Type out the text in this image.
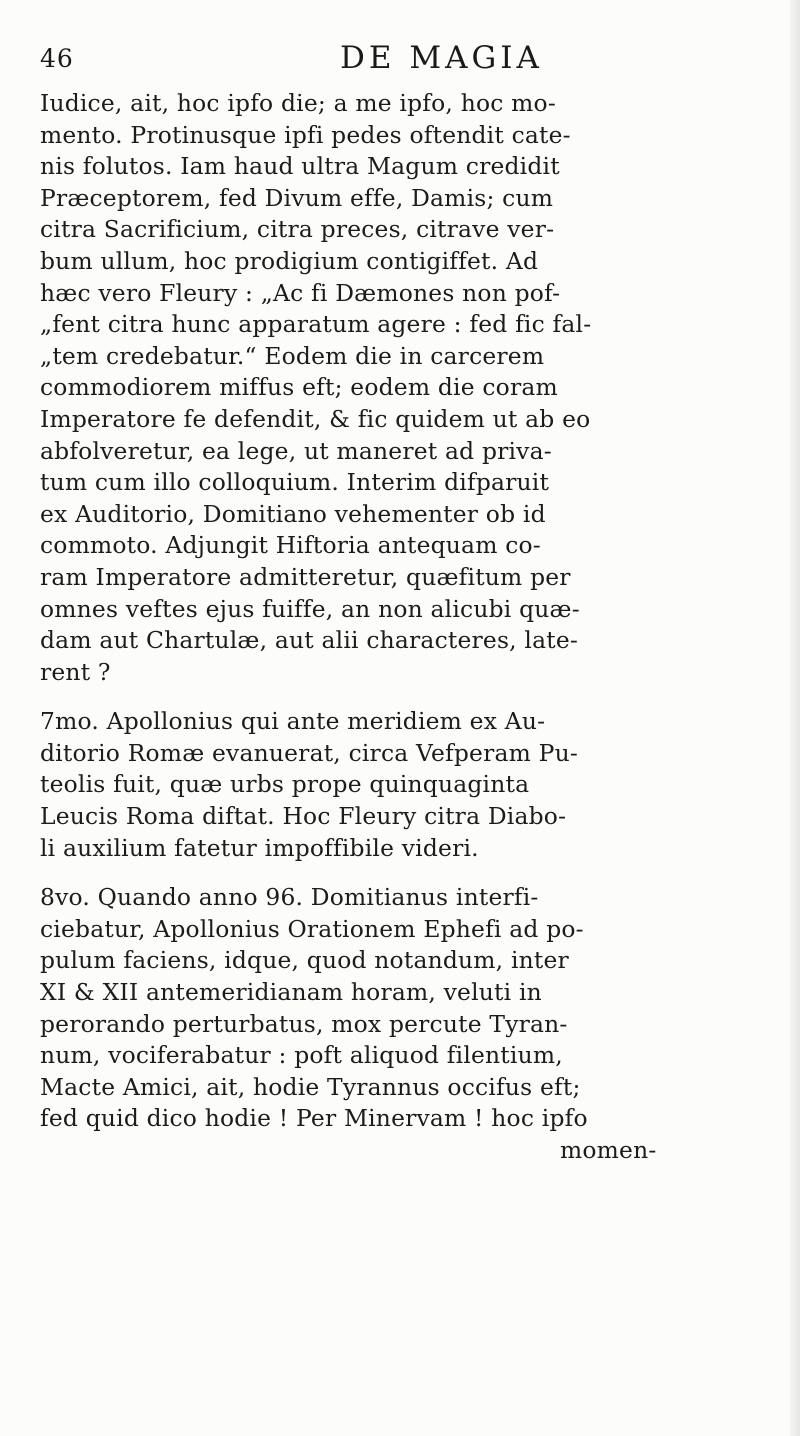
46	DE MAGIA
Iudice, ait, hoc ipfo die; a me ipfo, hoc mo-
mento. Protinusque ipfi pedes oftendit cate-
nis folutos. Iam haud ultra Magum credidit
Præceptorem, fed Divum effe, Damis; cum
citra Sacrificium, citra preces, citrave ver-
bum ullum, hoc prodigium contigiffet. Ad
hæc vero Fleury : „Ac fi Dæmones non pof-
„fent citra hunc apparatum agere : fed fic fal-
„tem credebatur.“ Eodem die in carcerem
commodiorem miffus eft; eodem die coram
Imperatore fe defendit, & fic quidem ut ab eo
abfolveretur, ea lege, ut maneret ad priva-
tum cum illo colloquium. Interim difparuit
ex Auditorio, Domitiano vehementer ob id
commoto. Adjungit Hiftoria antequam co-
ram Imperatore admitteretur, quæfitum per
omnes veftes ejus fuiffe, an non alicubi quæ-
dam aut Chartulæ, aut alii characteres, late-
rent ?
7mo. Apollonius qui ante meridiem ex Au-
ditorio Romæ evanuerat, circa Vefperam Pu-
teolis fuit, quæ urbs prope quinquaginta
Leucis Roma diftat. Hoc Fleury citra Diabo-
li auxilium fatetur impoffibile videri.
8vo. Quando anno 96. Domitianus interfi-
ciebatur, Apollonius Orationem Ephefi ad po-
pulum faciens, idque, quod notandum, inter
XI & XII antemeridianam horam, veluti in
perorando perturbatus, mox percute Tyran-
num, vociferabatur : poft aliquod filentium,
Macte Amici, ait, hodie Tyrannus occifus eft;
fed quid dico hodie ! Per Minervam ! hoc ipfo
momen-
